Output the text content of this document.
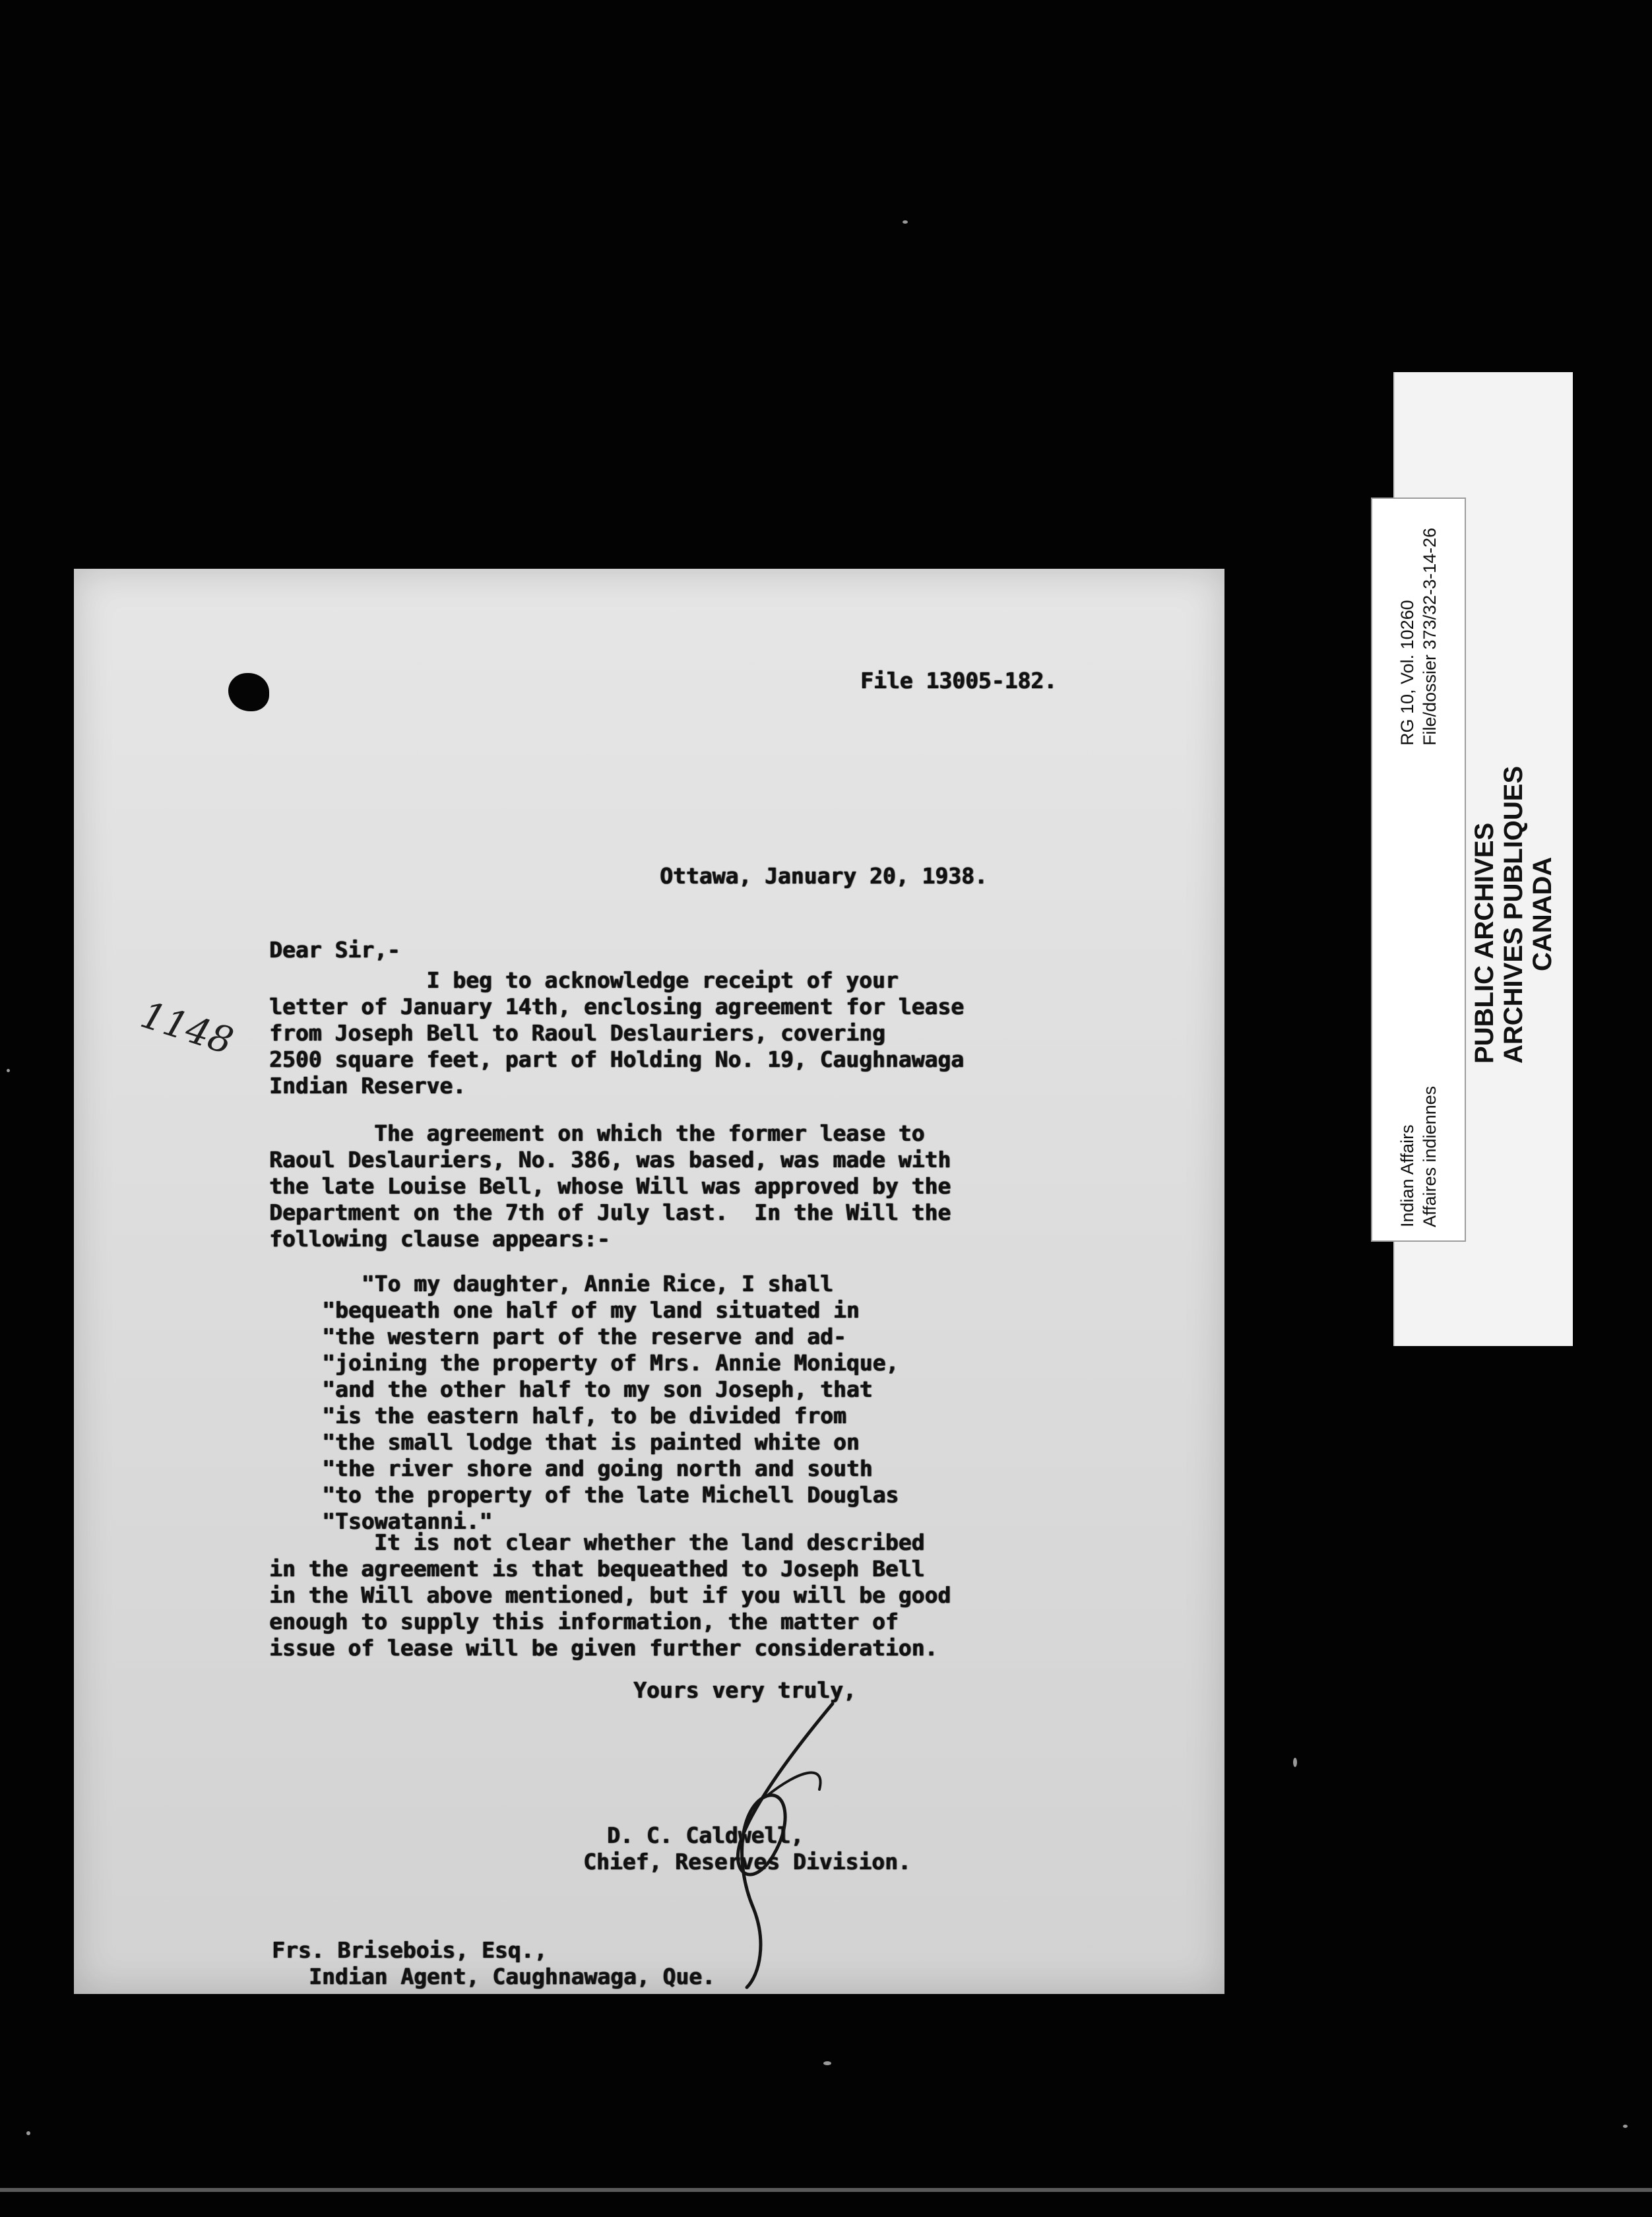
File 13005-182.
Ottawa, January 20, 1938.
Dear Sir,-
1148
I beg to acknowledge receipt of your
letter of January 14th, enclosing agreement for lease
from Joseph Bell to Raoul Deslauriers, covering
2500 square feet, part of Holding No. 19, Caughnawaga
Indian Reserve.
The agreement on which the former lease to
Raoul Deslauriers, No. 386, was based, was made with
the late Louise Bell, whose Will was approved by the
Department on the 7th of July last.  In the Will the
following clause appears:-
"To my daughter, Annie Rice, I shall
"bequeath one half of my land situated in
"the western part of the reserve and ad-
"joining the property of Mrs. Annie Monique,
"and the other half to my son Joseph, that
"is the eastern half, to be divided from
"the small lodge that is painted white on
"the river shore and going north and south
"to the property of the late Michell Douglas
"Tsowatanni."
It is not clear whether the land described
in the agreement is that bequeathed to Joseph Bell
in the Will above mentioned, but if you will be good
enough to supply this information, the matter of
issue of lease will be given further consideration.
Yours very truly,
D. C. Caldwell,
Chief, Reserves Division.
Frs. Brisebois, Esq.,
Indian Agent, Caughnawaga, Que.
Indian Affairs Affaires indiennes
RG 10, Vol. 10260 File/dossier 373/32-3-14-26
PUBLIC ARCHIVES ARCHIVES PUBLIQUES CANADA
